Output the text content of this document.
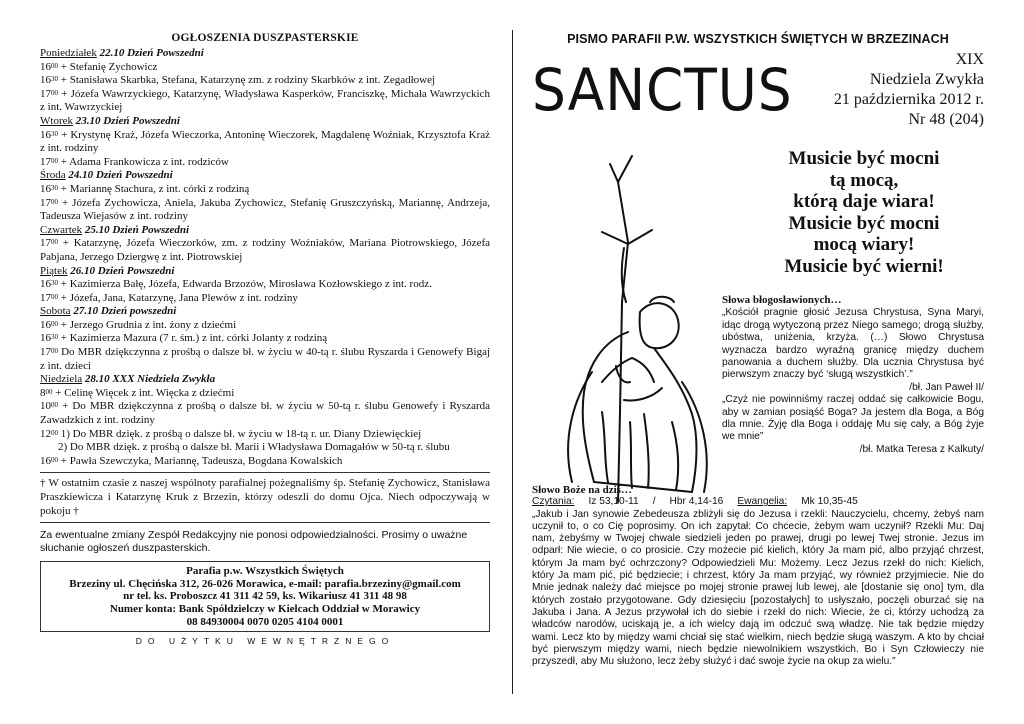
OGŁOSZENIA DUSZPASTERSKIE
Poniedziałek 22.10 Dzień Powszedni
$16^{00}$ + Stefanię Zychowicz
$16^{30}$ + Stanisława Skarbka, Stefana, Katarzynę zm. z rodziny Skarbków z int. Zegadłowej
$17^{00}$ + Józefa Wawrzyckiego, Katarzynę, Władysława Kasperków, Franciszkę, Michała Wawrzyckich z int. Wawrzyckiej
Wtorek 23.10 Dzień Powszedni
$16^{30}$ + Krystynę Kraż, Józefa Wieczorka, Antoninę Wieczorek, Magdalenę Woźniak, Krzysztofa Kraż z int. rodziny
$17^{00}$ + Adama Frankowicza z int. rodziców
Środa 24.10 Dzień Powszedni
$16^{30}$ + Mariannę Stachura, z int. córki z rodziną
$17^{00}$ + Józefa Zychowicza, Aniela, Jakuba Zychowicz, Stefanię Gruszczyńską, Mariannę, Andrzeja, Tadeusza Wiejasów z int. rodziny
Czwartek 25.10 Dzień Powszedni
$17^{00}$ + Katarzynę, Józefa Wieczorków, zm. z rodziny Woźniaków, Mariana Piotrowskiego, Józefa Pabjana, Jerzego Dziergwę z int. Piotrowskiej
Piątek 26.10 Dzień Powszedni
$16^{30}$ + Kazimierza Bałę, Józefa, Edwarda Brzozów, Mirosława Kozłowskiego z int. rodz.
$17^{00}$ + Józefa, Jana, Katarzynę, Jana Plewów z int. rodziny
Sobota 27.10 Dzień powszedni
$16^{00}$ + Jerzego Grudnia z int. żony z dziećmi
$16^{30}$ + Kazimierza Mazura (7 r. śm.) z int. córki Jolanty z rodziną
$17^{00}$ Do MBR dziękczynna z prośbą o dalsze bł. w życiu w 40-tą r. ślubu Ryszarda i Genowefy Bigaj z int. dzieci
Niedziela 28.10 XXX Niedziela Zwykła
$8^{00}$ + Celinę Więcek z int. Więcka z dziećmi
$10^{00} + Do$ MBR dziękczynna z prośbą o dalsze bł. w życiu w 50-tą r. ślubu Genowefy i Ryszarda Zawadzkich z int. rodziny
$12^{00}$ 1) Do MBR dzięk. z prośbą o dalsze bł. w życiu w 18-tą r. ur. Diany Dziewięckiej
2) Do MBR dzięk. z prośbą o dalsze bł. Marii i Władysława Domagałów w 50-tą r. ślubu
$16^{00}$ + Pawła Szewczyka, Mariannę, Tadeusza, Bogdana Kowalskich
† W ostatnim czasie z naszej wspólnoty parafialnej pożegnaliśmy śp. Stefanię Zychowicz, Stanisława Praszkiewicza i Katarzynę Kruk z Brzezin, którzy odeszli do domu Ojca. Niech odpoczywają w pokoju †
Za ewentualne zmiany Zespół Redakcyjny nie ponosi odpowiedzialności. Prosimy o uważne słuchanie ogłoszeń duszpasterskich.
Parafia p.w. Wszystkich Świętych
Brzeziny ul. Chęcińska 312, 26-026 Morawica, e-mail: parafia.brzeziny@gmail.com
nr tel. ks. Proboszcz 41 311 42 59, ks. Wikariusz 41 311 48 98
Numer konta: Bank Spółdzielczy w Kielcach Oddział w Morawicy
08 84930004 0070 0205 4104 0001
DO UŻYTKU WEWNĘTRZNEGO
PISMO PARAFII P.W. WSZYSTKICH ŚWIĘTYCH W BRZEZINACH
SANCTUS	XIX
Niedziela Zwykła
21 października 2012 r.
Nr 48 (204)
Musicie być mocni
tą mocą,
którą daje wiara!
Musicie być mocni
mocą wiary!
Musicie być wierni!
Słowa błogosławionych…
„Kościół pragnie głosić Jezusa Chrystusa, Syna Maryi, idąc drogą wytyczoną przez Niego samego; drogą służby, ubóstwa, uniżenia, krzyża. (…) Słowo Chrystusa wyznacza bardzo wyraźną granicę między duchem panowania a duchem służby. Dla ucznia Chrystusa być pierwszym znaczy być ‘sługą wszystkich’.”
/bł. Jan Paweł II/
„Czyż nie powinniśmy raczej oddać się całkowicie Bogu, aby w zamian posiąść Boga? Ja jestem dla Boga, a Bóg dla mnie. Żyję dla Boga i oddaję Mu się cały, a Bóg żyje we mnie”
/bł. Matka Teresa z Kalkuty/
Słowo Boże na dziś…
Czytania: Iz 53,10-11 / Hbr 4,14-16 Ewangelia: Mk 10,35-45
„Jakub i Jan synowie Zebedeusza zbliżyli się do Jezusa i rzekli: Nauczycielu, chcemy, żebyś nam uczynił to, o co Cię poprosimy. On ich zapytał: Co chcecie, żebym wam uczynił? Rzekli Mu: Daj nam, żebyśmy w Twojej chwale siedzieli jeden po prawej, drugi po lewej Twej stronie. Jezus im odparł: Nie wiecie, o co prosicie. Czy możecie pić kielich, który Ja mam pić, albo przyjąć chrzest, którym Ja mam być ochrzczony? Odpowiedzieli Mu: Możemy. Lecz Jezus rzekł do nich: Kielich, który Ja mam pić, pić będziecie; i chrzest, który Ja mam przyjąć, wy również przyjmiecie. Nie do Mnie jednak należy dać miejsce po mojej stronie prawej lub lewej, ale [dostanie się ono] tym, dla których zostało przygotowane. Gdy dziesięciu [pozostałych] to usłyszało, poczęli oburzać się na Jakuba i Jana. A Jezus przywołał ich do siebie i rzekł do nich: Wiecie, że ci, którzy uchodzą za władców narodów, uciskają je, a ich wielcy dają im odczuć swą władzę. Nie tak będzie między wami. Lecz kto by między wami chciał się stać wielkim, niech będzie sługą waszym. A kto by chciał być pierwszym między wami, niech będzie niewolnikiem wszystkich. Bo i Syn Człowieczy nie przyszedł, aby Mu służono, lecz żeby służyć i dać swoje życie na okup za wielu.”
